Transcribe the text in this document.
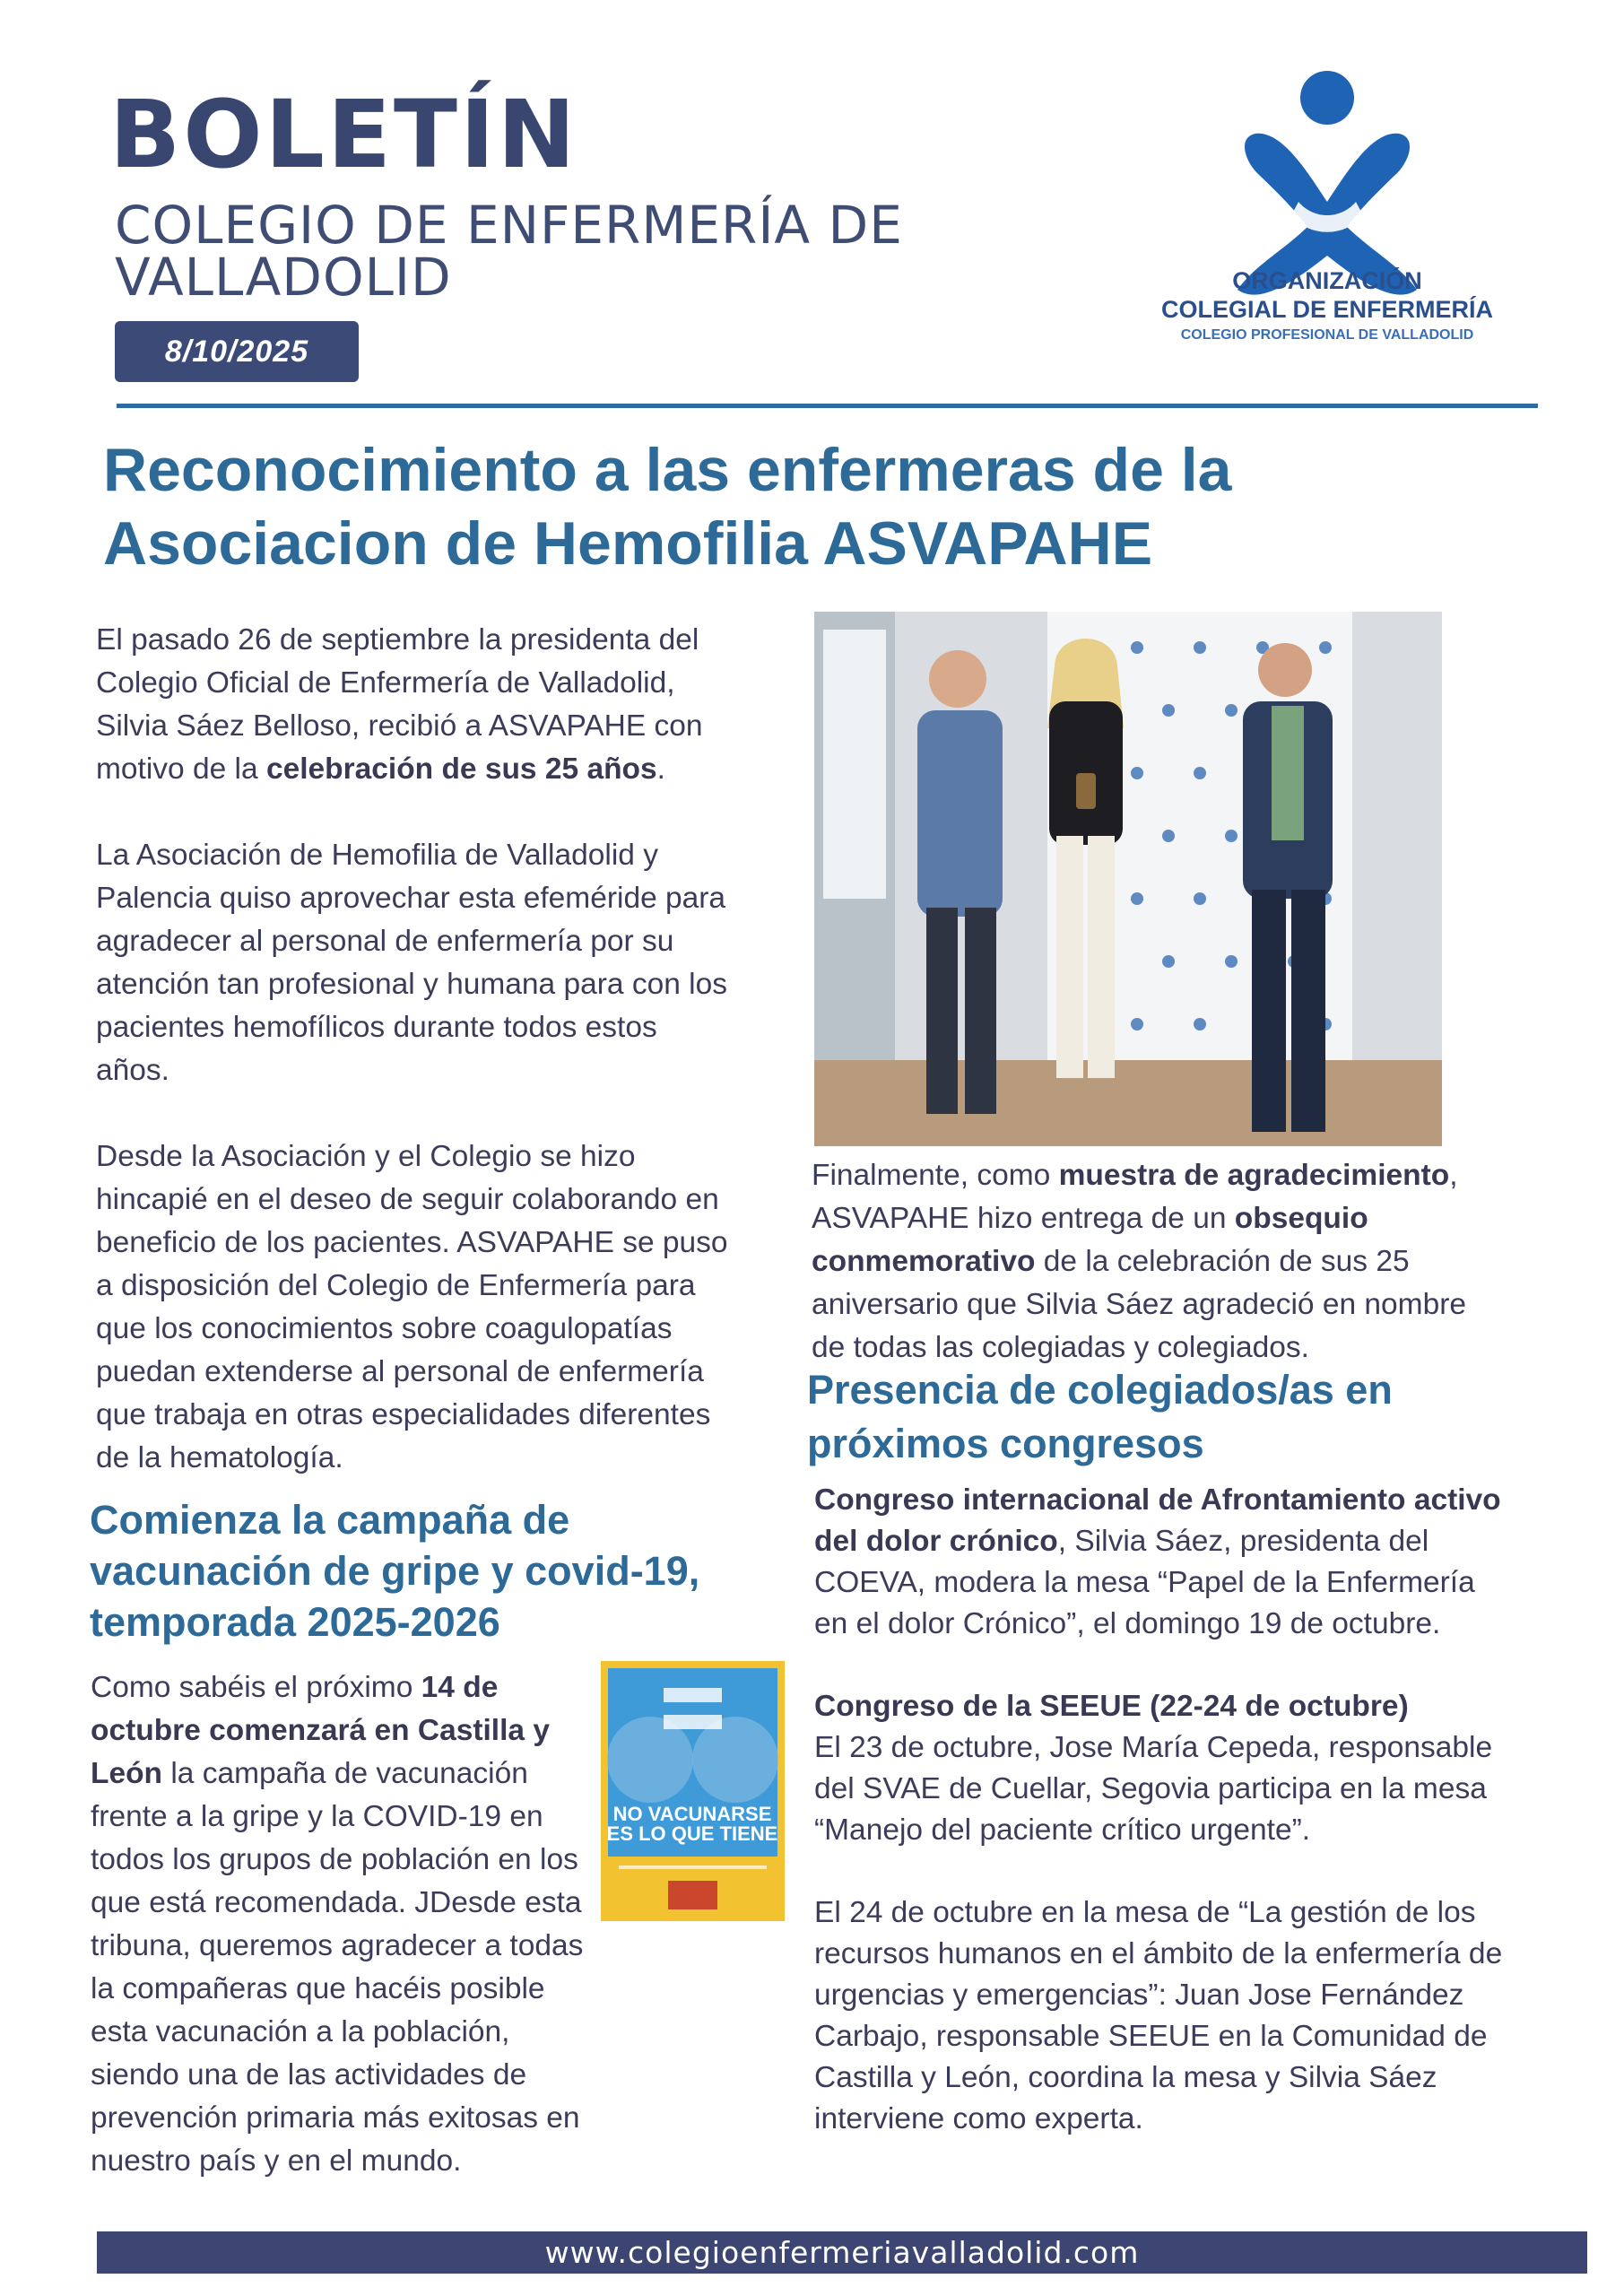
BOLETÍN
COLEGIO DE ENFERMERÍA DE
VALLADOLID
8/10/2025
ORGANIZACIÓN
COLEGIAL DE ENFERMERÍA
COLEGIO PROFESIONAL DE VALLADOLID
Reconocimiento a las enfermeras de la
Asociacion de Hemofilia ASVAPAHE

El pasado 26 de septiembre la presidenta del Colegio Oficial de Enfermería de Valladolid, Silvia Sáez Belloso, recibió a ASVAPAHE con motivo de la celebración de sus 25 años.

La Asociación de Hemofilia de Valladolid y Palencia quiso aprovechar esta efeméride para agradecer al personal de enfermería por su atención tan profesional y humana para con los pacientes hemofílicos durante todos estos años.

Desde la Asociación y el Colegio se hizo hincapié en el deseo de seguir colaborando en beneficio de los pacientes. ASVAPAHE se puso a disposición del Colegio de Enfermería para que los conocimientos sobre coagulopatías puedan extenderse al personal de enfermería que trabaja en otras especialidades diferentes de la hematología.

Finalmente, como muestra de agradecimiento, ASVAPAHE hizo entrega de un obsequio conmemorativo de la celebración de sus 25 aniversario que Silvia Sáez agradeció en nombre de todas las colegiadas y colegiados.

Comienza la campaña de
vacunación de gripe y covid-19,
temporada 2025-2026

Como sabéis el próximo 14 de octubre comenzará en Castilla y León la campaña de vacunación frente a la gripe y la COVID-19 en todos los grupos de población en los que está recomendada. JDesde esta tribuna, queremos agradecer a todas la compañeras que hacéis posible esta vacunación a la población, siendo una de las actividades de prevención primaria más exitosas en nuestro país y en el mundo.

NO VACUNARSE
ES LO QUE TIENE
Presencia de colegiados/as en
próximos congresos

Congreso internacional de Afrontamiento activo del dolor crónico, Silvia Sáez, presidenta del COEVA, modera la mesa “Papel de la Enfermería en el dolor Crónico”, el domingo 19 de octubre.

Congreso de la SEEUE (22-24 de octubre)
El 23 de octubre, Jose María Cepeda, responsable del SVAE de Cuellar, Segovia participa en la mesa “Manejo del paciente crítico urgente”.

El 24 de octubre en la mesa de “La gestión de los recursos humanos en el ámbito de la enfermería de urgencias y emergencias”: Juan Jose Fernández Carbajo, responsable SEEUE en la Comunidad de Castilla y León, coordina la mesa y Silvia Sáez interviene como experta.

www.colegioenfermeriavalladolid.com
